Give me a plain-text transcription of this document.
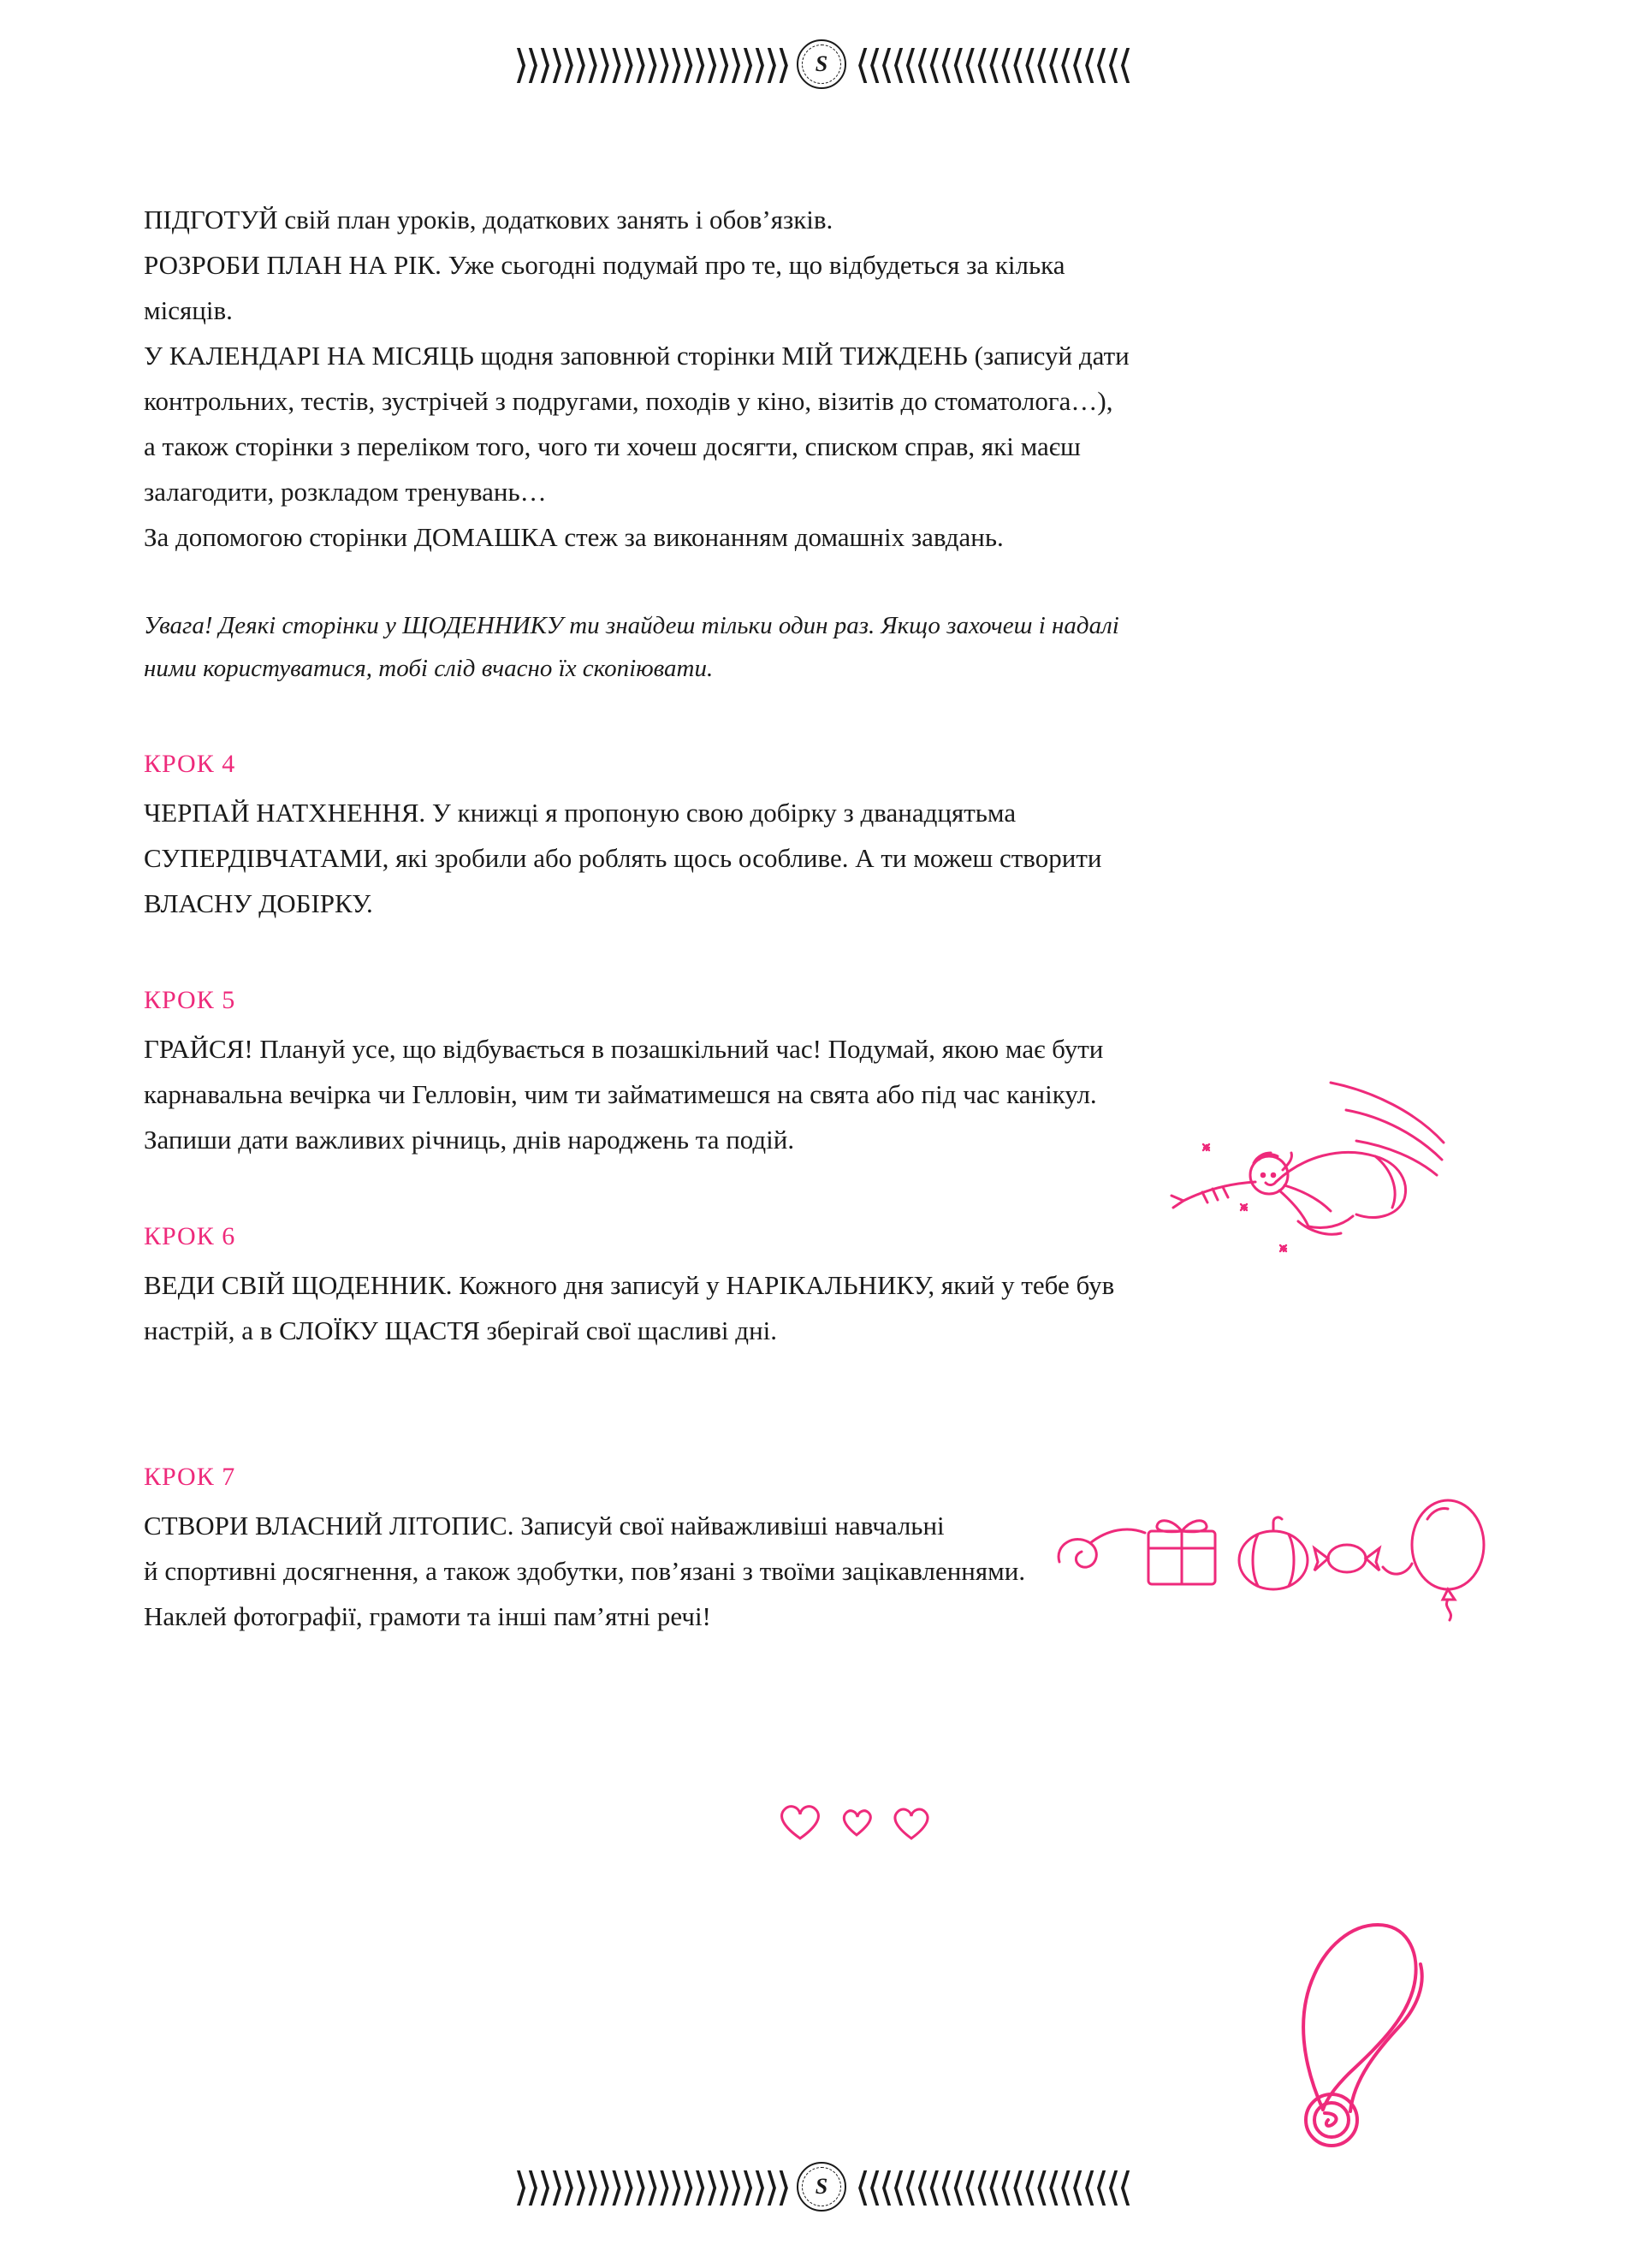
⟩⟩⟩⟩⟩⟩⟩⟩⟩⟩⟩⟩⟩⟩⟩⟩⟩⟩⟩⟩⟩⟩⟩ S ⟨⟨⟨⟨⟨⟨⟨⟨⟨⟨⟨⟨⟨⟨⟨⟨⟨⟨⟨⟨⟨⟨⟨

ПІДГОТУЙ свій план уроків, додаткових занять і обов’язків.

РОЗРОБИ ПЛАН НА РІК. Уже сьогодні подумай про те, що відбудеться за кілька

місяців.

У КАЛЕНДАРІ НА МІСЯЦЬ щодня заповнюй сторінки МІЙ ТИЖДЕНЬ (записуй дати

контрольних, тестів, зустрічей з подругами, походів у кіно, візитів до стоматолога…),

а також сторінки з переліком того, чого ти хочеш досягти, списком справ, які маєш

залагодити, розкладом тренувань…

За допомогою сторінки ДОМАШКА стеж за виконанням домашніх завдань.

Увага! Деякі сторінки у ЩОДЕННИКУ ти знайдеш тільки один раз. Якщо захочеш і надалі

ними користуватися, тобі слід вчасно їх скопіювати.

КРОК 4

ЧЕРПАЙ НАТХНЕННЯ. У книжці я пропоную свою добірку з дванадцятьма

СУПЕРДІВЧАТАМИ, які зробили або роблять щось особливе. А ти можеш створити

ВЛАСНУ ДОБІРКУ.

КРОК 5

ГРАЙСЯ! Плануй усе, що відбувається в позашкільний час! Подумай, якою має бути

карнавальна вечірка чи Гелловін, чим ти займатимешся на свята або під час канікул.

Запиши дати важливих річниць, днів народжень та подій.

КРОК 6

ВЕДИ СВІЙ ЩОДЕННИК. Кожного дня записуй у НАРІКАЛЬНИКУ, який у тебе був

настрій, а в СЛОЇКУ ЩАСТЯ зберігай свої щасливі дні.

КРОК 7

СТВОРИ ВЛАСНИЙ ЛІТОПИС. Записуй свої найважливіші навчальні

й спортивні досягнення, а також здобутки, пов’язані з твоїми зацікавленнями.

Наклей фотографії, грамоти та інші пам’ятні речі!

⟩⟩⟩⟩⟩⟩⟩⟩⟩⟩⟩⟩⟩⟩⟩⟩⟩⟩⟩⟩⟩⟩⟩ S ⟨⟨⟨⟨⟨⟨⟨⟨⟨⟨⟨⟨⟨⟨⟨⟨⟨⟨⟨⟨⟨⟨⟨
